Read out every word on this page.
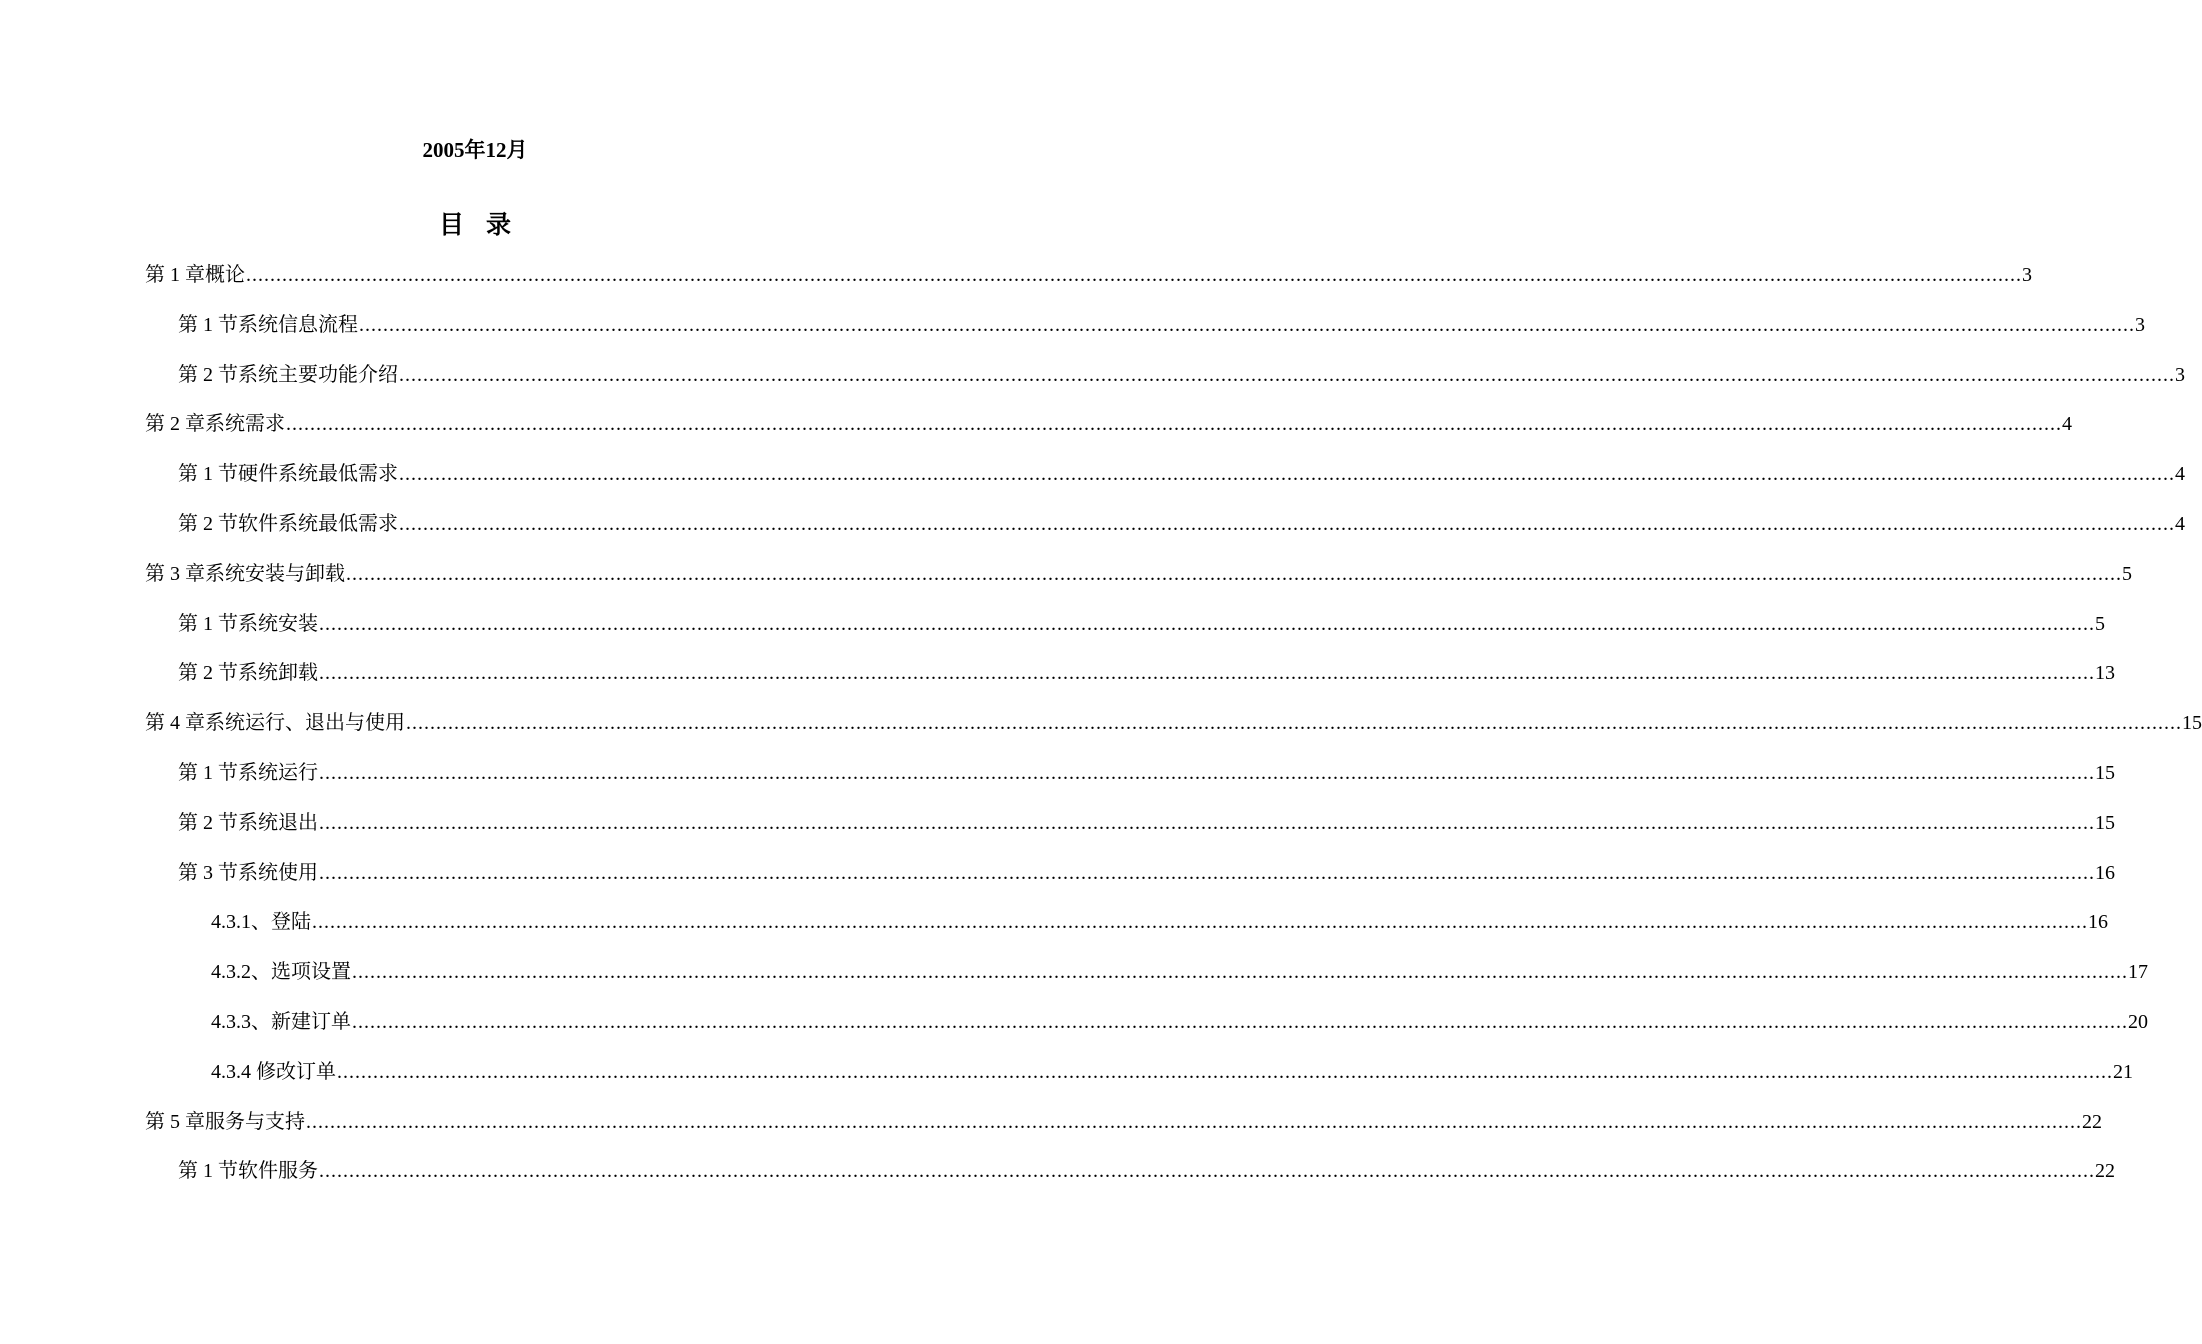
2005年12月
目 录
第 1 章 概论 .....	3
第 1 节 系统信息流程 .....	3
第 2 节 系统主要功能介绍 .....	3
第 2 章 系统需求 .....	4
第 1 节 硬件系统最低需求 .....	4
第 2 节 软件系统最低需求 .....	4
第 3 章 系统安装与卸载 .....	5
第 1 节 系统安装 .....	5
第 2 节 系统卸载 .....	13
第 4 章 系统运行、退出与使用 .....	15
第 1 节 系统运行 .....	15
第 2 节 系统退出 .....	15
第 3 节 系统使用 .....	16
4.3.1、登陆 .....	16
4.3.2、选项设置 .....	17
4.3.3、新建订单 .....	20
4.3.4 修改订单 .....	21
第 5 章 服务与支持 .....	22
第 1 节 软件服务 .....	22
